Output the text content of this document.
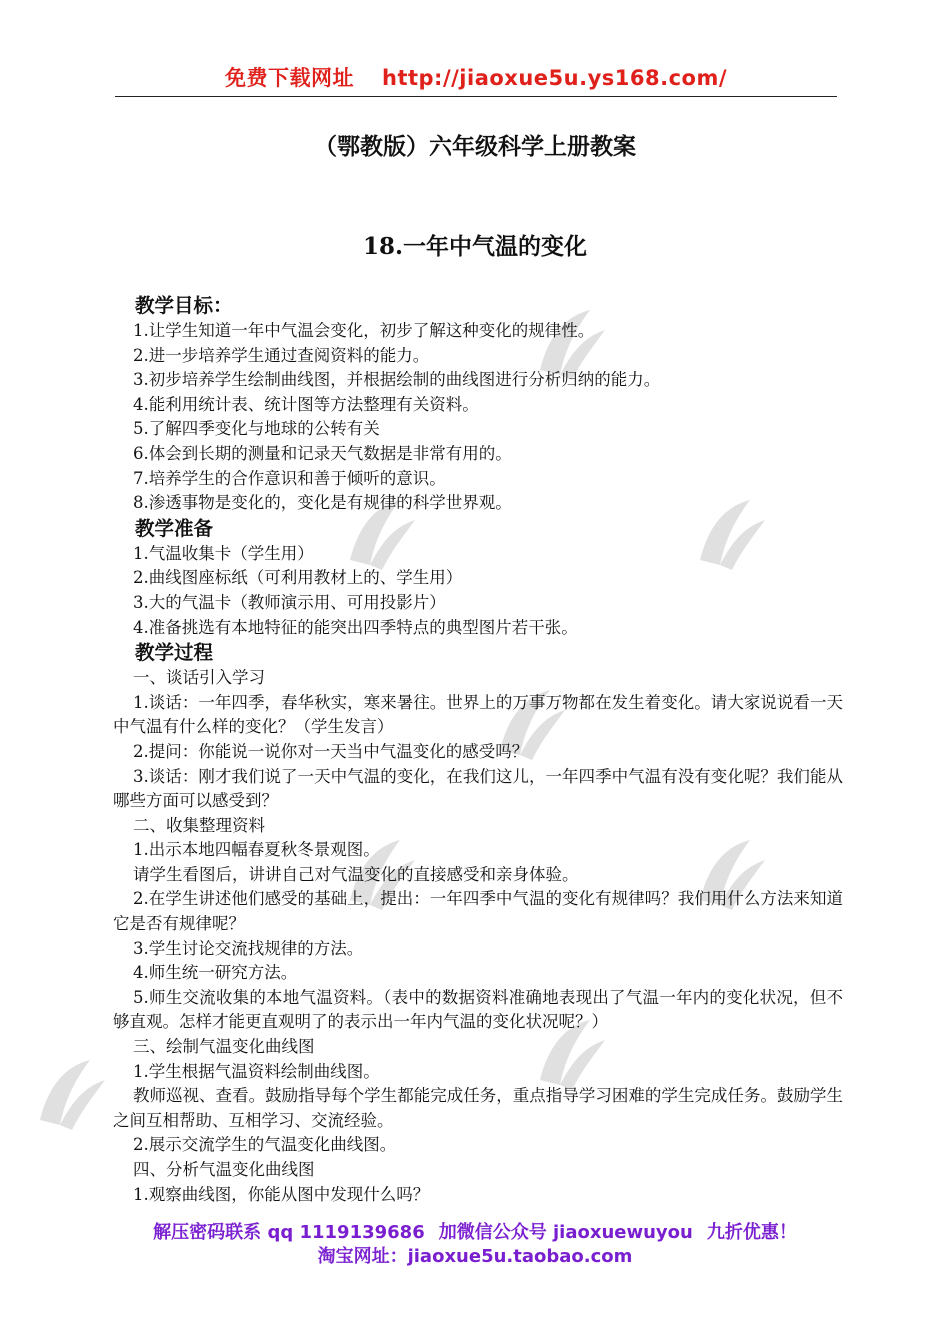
免费下载网址 http://jiaoxue5u.ys168.com/
（鄂教版）六年级科学上册教案
18.一年中气温的变化
教学目标：
1.让学生知道一年中气温会变化，初步了解这种变化的规律性。
2.进一步培养学生通过查阅资料的能力。
3.初步培养学生绘制曲线图，并根据绘制的曲线图进行分析归纳的能力。
4.能利用统计表、统计图等方法整理有关资料。
5.了解四季变化与地球的公转有关
6.体会到长期的测量和记录天气数据是非常有用的。
7.培养学生的合作意识和善于倾听的意识。
8.渗透事物是变化的，变化是有规律的科学世界观。
教学准备
1.气温收集卡（学生用）
2.曲线图座标纸（可利用教材上的、学生用）
3.大的气温卡（教师演示用、可用投影片）
4.准备挑选有本地特征的能突出四季特点的典型图片若干张。
教学过程
一、谈话引入学习
1.谈话：一年四季，春华秋实，寒来暑往。世界上的万事万物都在发生着变化。请大家说说看一天中气温有什么样的变化？（学生发言）
2.提问：你能说一说你对一天当中气温变化的感受吗？
3.谈话：刚才我们说了一天中气温的变化，在我们这儿，一年四季中气温有没有变化呢？我们能从哪些方面可以感受到？
二、收集整理资料
1.出示本地四幅春夏秋冬景观图。
请学生看图后，讲讲自己对气温变化的直接感受和亲身体验。
2.在学生讲述他们感受的基础上，提出：一年四季中气温的变化有规律吗？我们用什么方法来知道它是否有规律呢？
3.学生讨论交流找规律的方法。
4.师生统一研究方法。
5.师生交流收集的本地气温资料。（表中的数据资料准确地表现出了气温一年内的变化状况，但不够直观。怎样才能更直观明了的表示出一年内气温的变化状况呢？）
三、绘制气温变化曲线图
1.学生根据气温资料绘制曲线图。
教师巡视、查看。鼓励指导每个学生都能完成任务，重点指导学习困难的学生完成任务。鼓励学生之间互相帮助、互相学习、交流经验。
2.展示交流学生的气温变化曲线图。
四、分析气温变化曲线图
1.观察曲线图，你能从图中发现什么吗？
解压密码联系 qq 1119139686 加微信公众号 jiaoxuewuyou 九折优惠！
淘宝网址：jiaoxue5u.taobao.com
